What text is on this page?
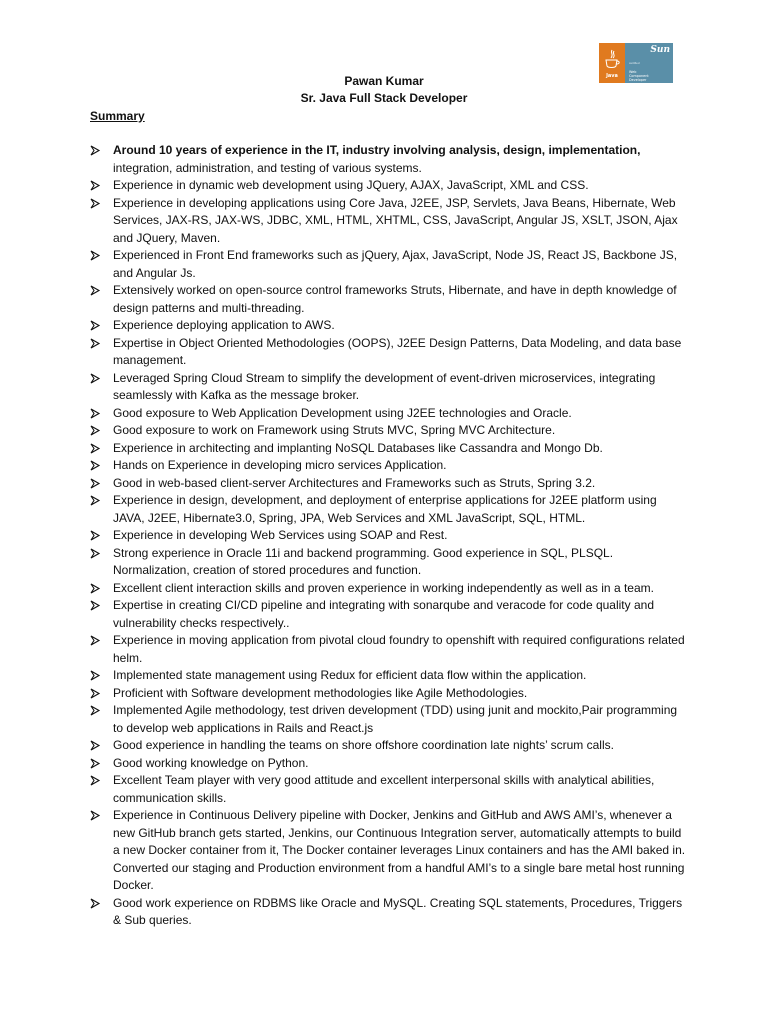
Java
Sun
certified
Web
Component
Developer
Pawan Kumar
Sr. Java Full Stack Developer
Summary
Around 10 years of experience in the IT, industry involving analysis, design, implementation, integration, administration, and testing of various systems.
Experience in dynamic web development using JQuery, AJAX, JavaScript, XML and CSS.
Experience in developing applications using Core Java, J2EE, JSP, Servlets, Java Beans, Hibernate, Web Services, JAX-RS, JAX-WS, JDBC, XML, HTML, XHTML, CSS, JavaScript, Angular JS, XSLT, JSON, Ajax and JQuery, Maven.
Experienced in Front End frameworks such as jQuery, Ajax, JavaScript, Node JS, React JS, Backbone JS, and Angular Js.
Extensively worked on open-source control frameworks Struts, Hibernate, and have in depth knowledge of design patterns and multi-threading.
Experience deploying application to AWS.
Expertise in Object Oriented Methodologies (OOPS), J2EE Design Patterns, Data Modeling, and data base management.
Leveraged Spring Cloud Stream to simplify the development of event-driven microservices, integrating seamlessly with Kafka as the message broker.
Good exposure to Web Application Development using J2EE technologies and Oracle.
Good exposure to work on Framework using Struts MVC, Spring MVC Architecture.
Experience in architecting and implanting NoSQL Databases like Cassandra and Mongo Db.
Hands on Experience in developing micro services Application.
Good in web-based client-server Architectures and Frameworks such as Struts, Spring 3.2.
Experience in design, development, and deployment of enterprise applications for J2EE platform using JAVA, J2EE, Hibernate3.0, Spring, JPA, Web Services and XML JavaScript, SQL, HTML.
Experience in developing Web Services using SOAP and Rest.
Strong experience in Oracle 11i and backend programming. Good experience in SQL, PLSQL. Normalization, creation of stored procedures and function.
Excellent client interaction skills and proven experience in working independently as well as in a team.
Expertise in creating CI/CD pipeline and integrating with sonarqube and veracode for code quality and vulnerability checks respectively..
Experience in moving application from pivotal cloud foundry to openshift with required configurations related helm.
Implemented state management using Redux for efficient data flow within the application.
Proficient with Software development methodologies like Agile Methodologies.
Implemented Agile methodology, test driven development (TDD) using junit and mockito,Pair programming to develop web applications in Rails and React.js
Good experience in handling the teams on shore offshore coordination late nights’ scrum calls.
Good working knowledge on Python.
Excellent Team player with very good attitude and excellent interpersonal skills with analytical abilities, communication skills.
Experience in Continuous Delivery pipeline with Docker, Jenkins and GitHub and AWS AMI’s, whenever a new GitHub branch gets started, Jenkins, our Continuous Integration server, automatically attempts to build a new Docker container from it, The Docker container leverages Linux containers and has the AMI baked in. Converted our staging and Production environment from a handful AMI’s to a single bare metal host running Docker.
Good work experience on RDBMS like Oracle and MySQL. Creating SQL statements, Procedures, Triggers & Sub queries.
